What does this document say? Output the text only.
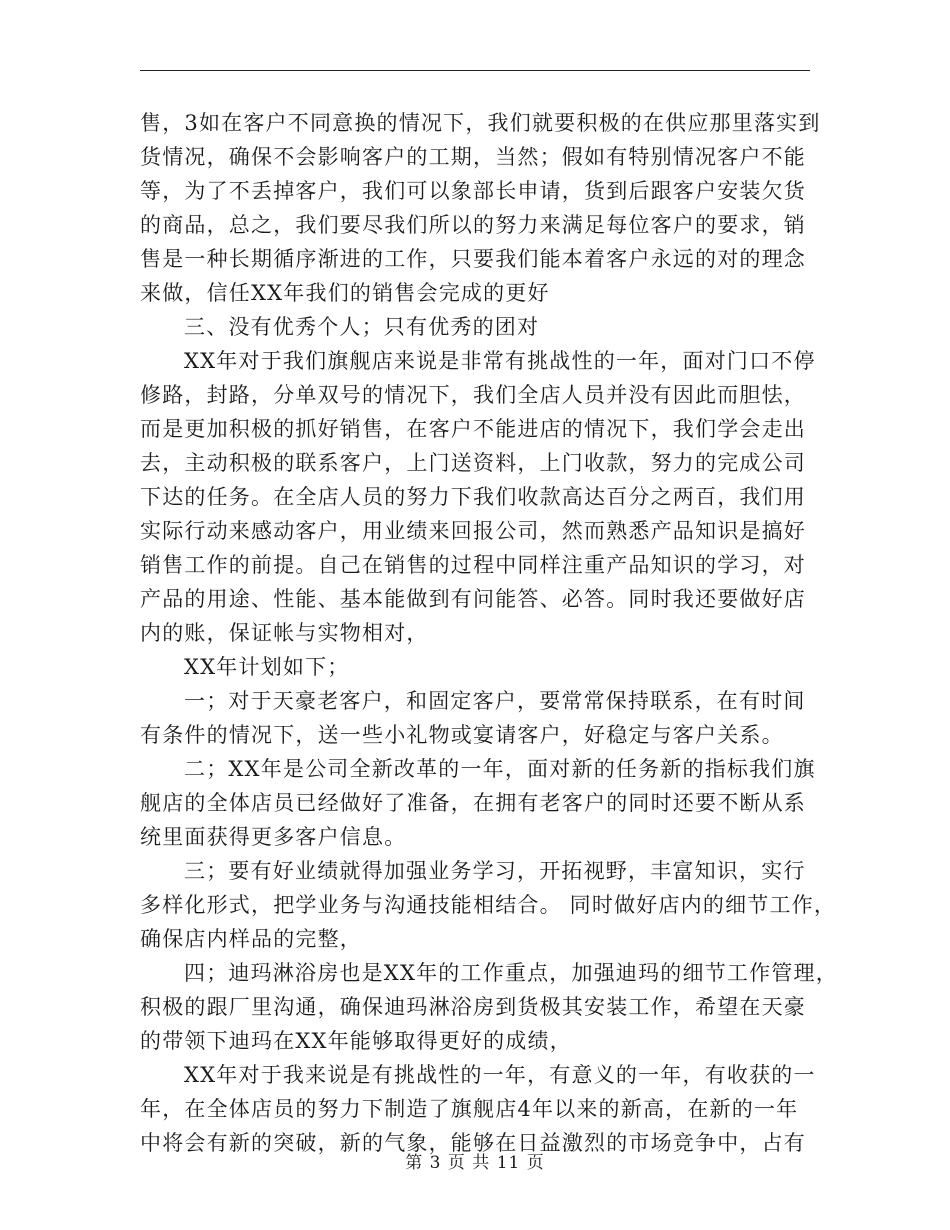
售，3如在客户不同意换的情况下，我们就要积极的在供应那里落实到
货情况，确保不会影响客户的工期，当然；假如有特别情况客户不能
等，为了不丢掉客户，我们可以象部长申请，货到后跟客户安装欠货
的商品，总之，我们要尽我们所以的努力来满足每位客户的要求，销
售是一种长期循序渐进的工作，只要我们能本着客户永远的对的理念
来做，信任XX年我们的销售会完成的更好
三、没有优秀个人；只有优秀的团对
XX年对于我们旗舰店来说是非常有挑战性的一年，面对门口不停
修路，封路，分单双号的情况下，我们全店人员并没有因此而胆怯，
而是更加积极的抓好销售，在客户不能进店的情况下，我们学会走出
去，主动积极的联系客户，上门送资料，上门收款，努力的完成公司
下达的任务。在全店人员的努力下我们收款高达百分之两百，我们用
实际行动来感动客户，用业绩来回报公司，然而熟悉产品知识是搞好
销售工作的前提。自己在销售的过程中同样注重产品知识的学习，对
产品的用途、性能、基本能做到有问能答、必答。同时我还要做好店
内的账，保证帐与实物相对，
XX年计划如下；
一；对于天豪老客户，和固定客户，要常常保持联系，在有时间
有条件的情况下，送一些小礼物或宴请客户，好稳定与客户关系。
二；XX年是公司全新改革的一年，面对新的任务新的指标我们旗
舰店的全体店员已经做好了准备，在拥有老客户的同时还要不断从系
统里面获得更多客户信息。
三；要有好业绩就得加强业务学习，开拓视野，丰富知识，实行
多样化形式，把学业务与沟通技能相结合。 同时做好店内的细节工作，
确保店内样品的完整，
四；迪玛淋浴房也是XX年的工作重点，加强迪玛的细节工作管理，
积极的跟厂里沟通，确保迪玛淋浴房到货极其安装工作，希望在天豪
的带领下迪玛在XX年能够取得更好的成绩，
XX年对于我来说是有挑战性的一年，有意义的一年，有收获的一
年，在全体店员的努力下制造了旗舰店4年以来的新高，在新的一年
中将会有新的突破，新的气象，能够在日益激烈的市场竞争中，占有
第 3 页 共 11 页
